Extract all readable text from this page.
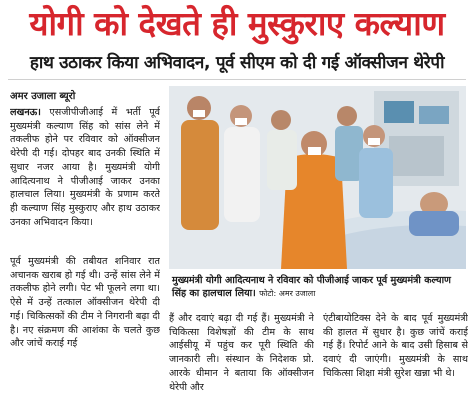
योगी को देखते ही मुस्कुराए कल्याण
हाथ उठाकर किया अभिवादन, पूर्व सीएम को दी गई ऑक्सीजन थेरेपी
अमर उजाला ब्यूरो

लखनऊ। एसजीपीजीआई में भर्ती पूर्व मुख्यमंत्री कल्याण सिंह को सांस लेने में तकलीफ होने पर रविवार को ऑक्सीजन थेरेपी दी गई। दोपहर बाद उनकी स्थिति में सुधार नजर आया है। मुख्यमंत्री योगी आदित्यनाथ ने पीजीआई जाकर उनका हालचाल लिया। मुख्यमंत्री के प्रणाम करते ही कल्याण सिंह मुस्कुराए और हाथ उठाकर उनका अभिवादन किया।

मुख्यमंत्री योगी आदित्यनाथ ने रविवार को पीजीआई जाकर पूर्व मुख्यमंत्री कल्याण सिंह का हालचाल लिया। फोटो: अमर उजाला

पूर्व मुख्यमंत्री की तबीयत शनिवार रात अचानक खराब हो गई थी। उन्हें सांस लेने में तकलीफ होने लगी। पेट भी फूलने लगा था। ऐसे में उन्हें तत्काल ऑक्सीजन थेरेपी दी गई। चिकित्सकों की टीम ने निगरानी बढ़ा दी है। नए संक्रमण की आशंका के चलते कुछ और जांचें कराई गई

हैं और दवाएं बढ़ा दी गई हैं। मुख्यमंत्री ने चिकित्सा विशेषज्ञों की टीम के साथ आईसीयू में पहुंच कर पूरी स्थिति की जानकारी ली। संस्थान के निदेशक प्रो. आरके धीमान ने बताया कि ऑक्सीजन थेरेपी और

एंटीबायोटिक्स देने के बाद पूर्व मुख्यमंत्री की हालत में सुधार है। कुछ जांचें कराई गई हैं। रिपोर्ट आने के बाद उसी हिसाब से दवाएं दी जाएंगी। मुख्यमंत्री के साथ चिकित्सा शिक्षा मंत्री सुरेश खन्ना भी थे।
